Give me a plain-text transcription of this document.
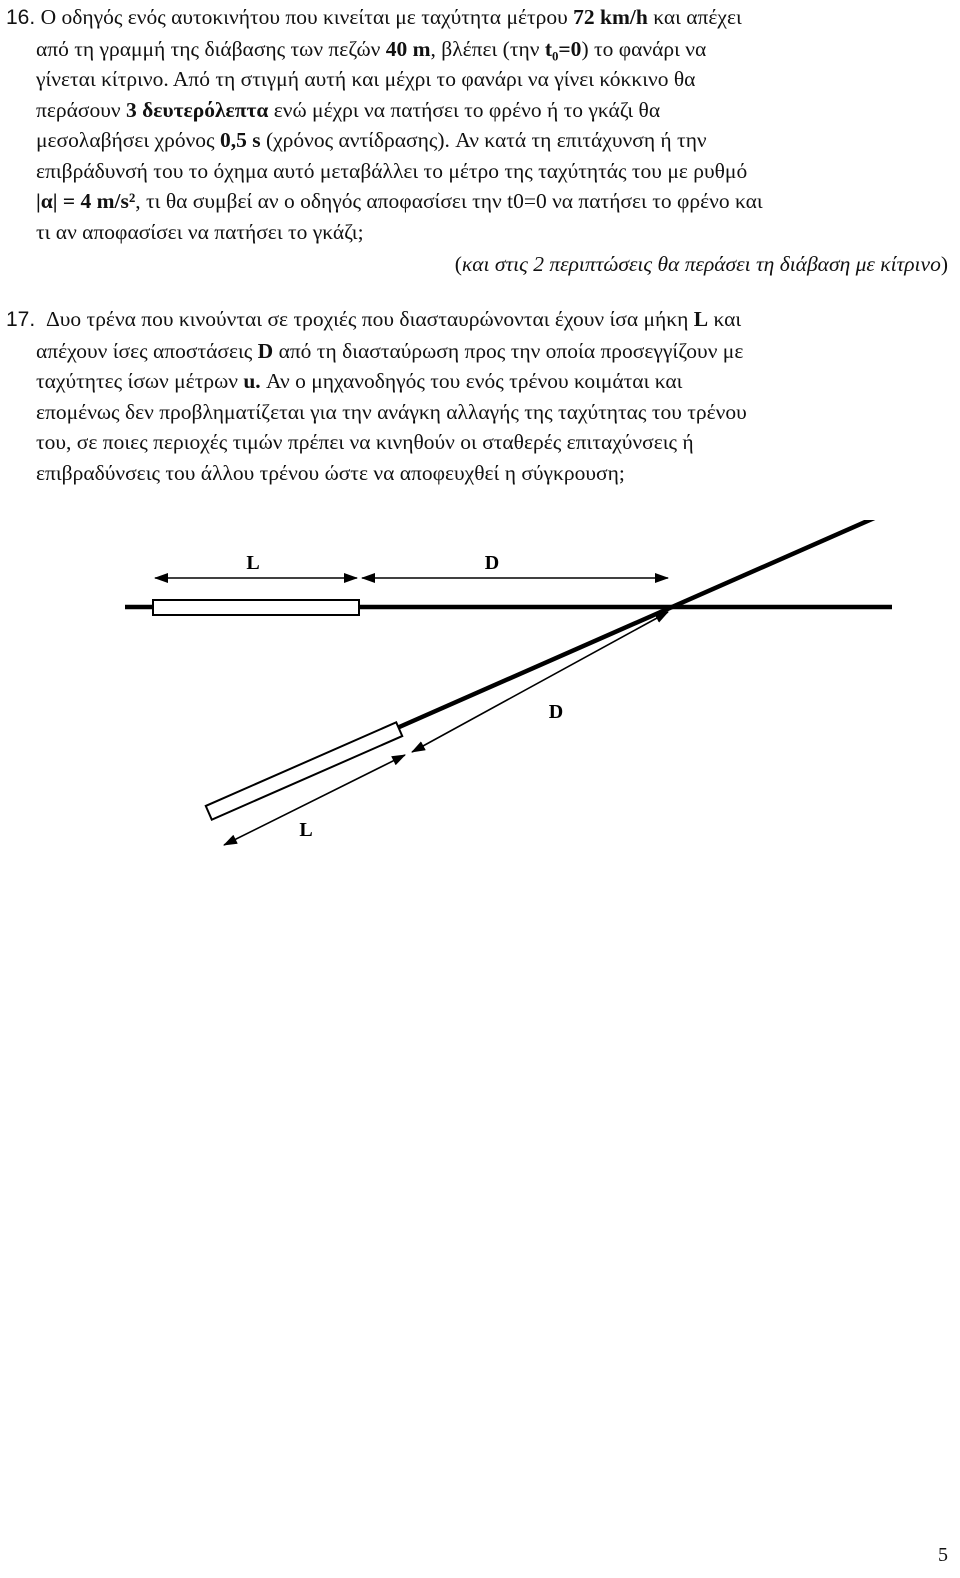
16. Ο οδηγός ενός αυτοκινήτου που κινείται με ταχύτητα μέτρου 72 km/h και απέχει

από τη γραμμή της διάβασης των πεζών 40 m, βλέπει (την t₀=0) το φανάρι να

γίνεται κίτρινο. Από τη στιγμή αυτή και μέχρι το φανάρι να γίνει κόκκινο θα

περάσουν 3 δευτερόλεπτα ενώ μέχρι να πατήσει το φρένο ή το γκάζι θα

μεσολαβήσει χρόνος 0,5 s (χρόνος αντίδρασης). Αν κατά τη επιτάχυνση ή την

επιβράδυνσή του το όχημα αυτό μεταβάλλει το μέτρο της ταχύτητάς του με ρυθμό

|α| = 4 m/s², τι θα συμβεί αν ο οδηγός αποφασίσει την t0=0 να πατήσει το φρένο και

τι αν αποφασίσει να πατήσει το γκάζι;

(και στις 2 περιπτώσεις θα περάσει τη διάβαση με κίτρινο)

17. Δυο τρένα που κινούνται σε τροχιές που διασταυρώνονται έχουν ίσα μήκη L και

απέχουν ίσες αποστάσεις D από τη διασταύρωση προς την οποία προσεγγίζουν με

ταχύτητες ίσων μέτρων u. Αν ο μηχανοδηγός του ενός τρένου κοιμάται και

επομένως δεν προβληματίζεται για την ανάγκη αλλαγής της ταχύτητας του τρένου

του, σε ποιες περιοχές τιμών πρέπει να κινηθούν οι σταθερές επιταχύνσεις ή

επιβραδύνσεις του άλλου τρένου ώστε να αποφευχθεί η σύγκρουση;

L	D
D
L
5
